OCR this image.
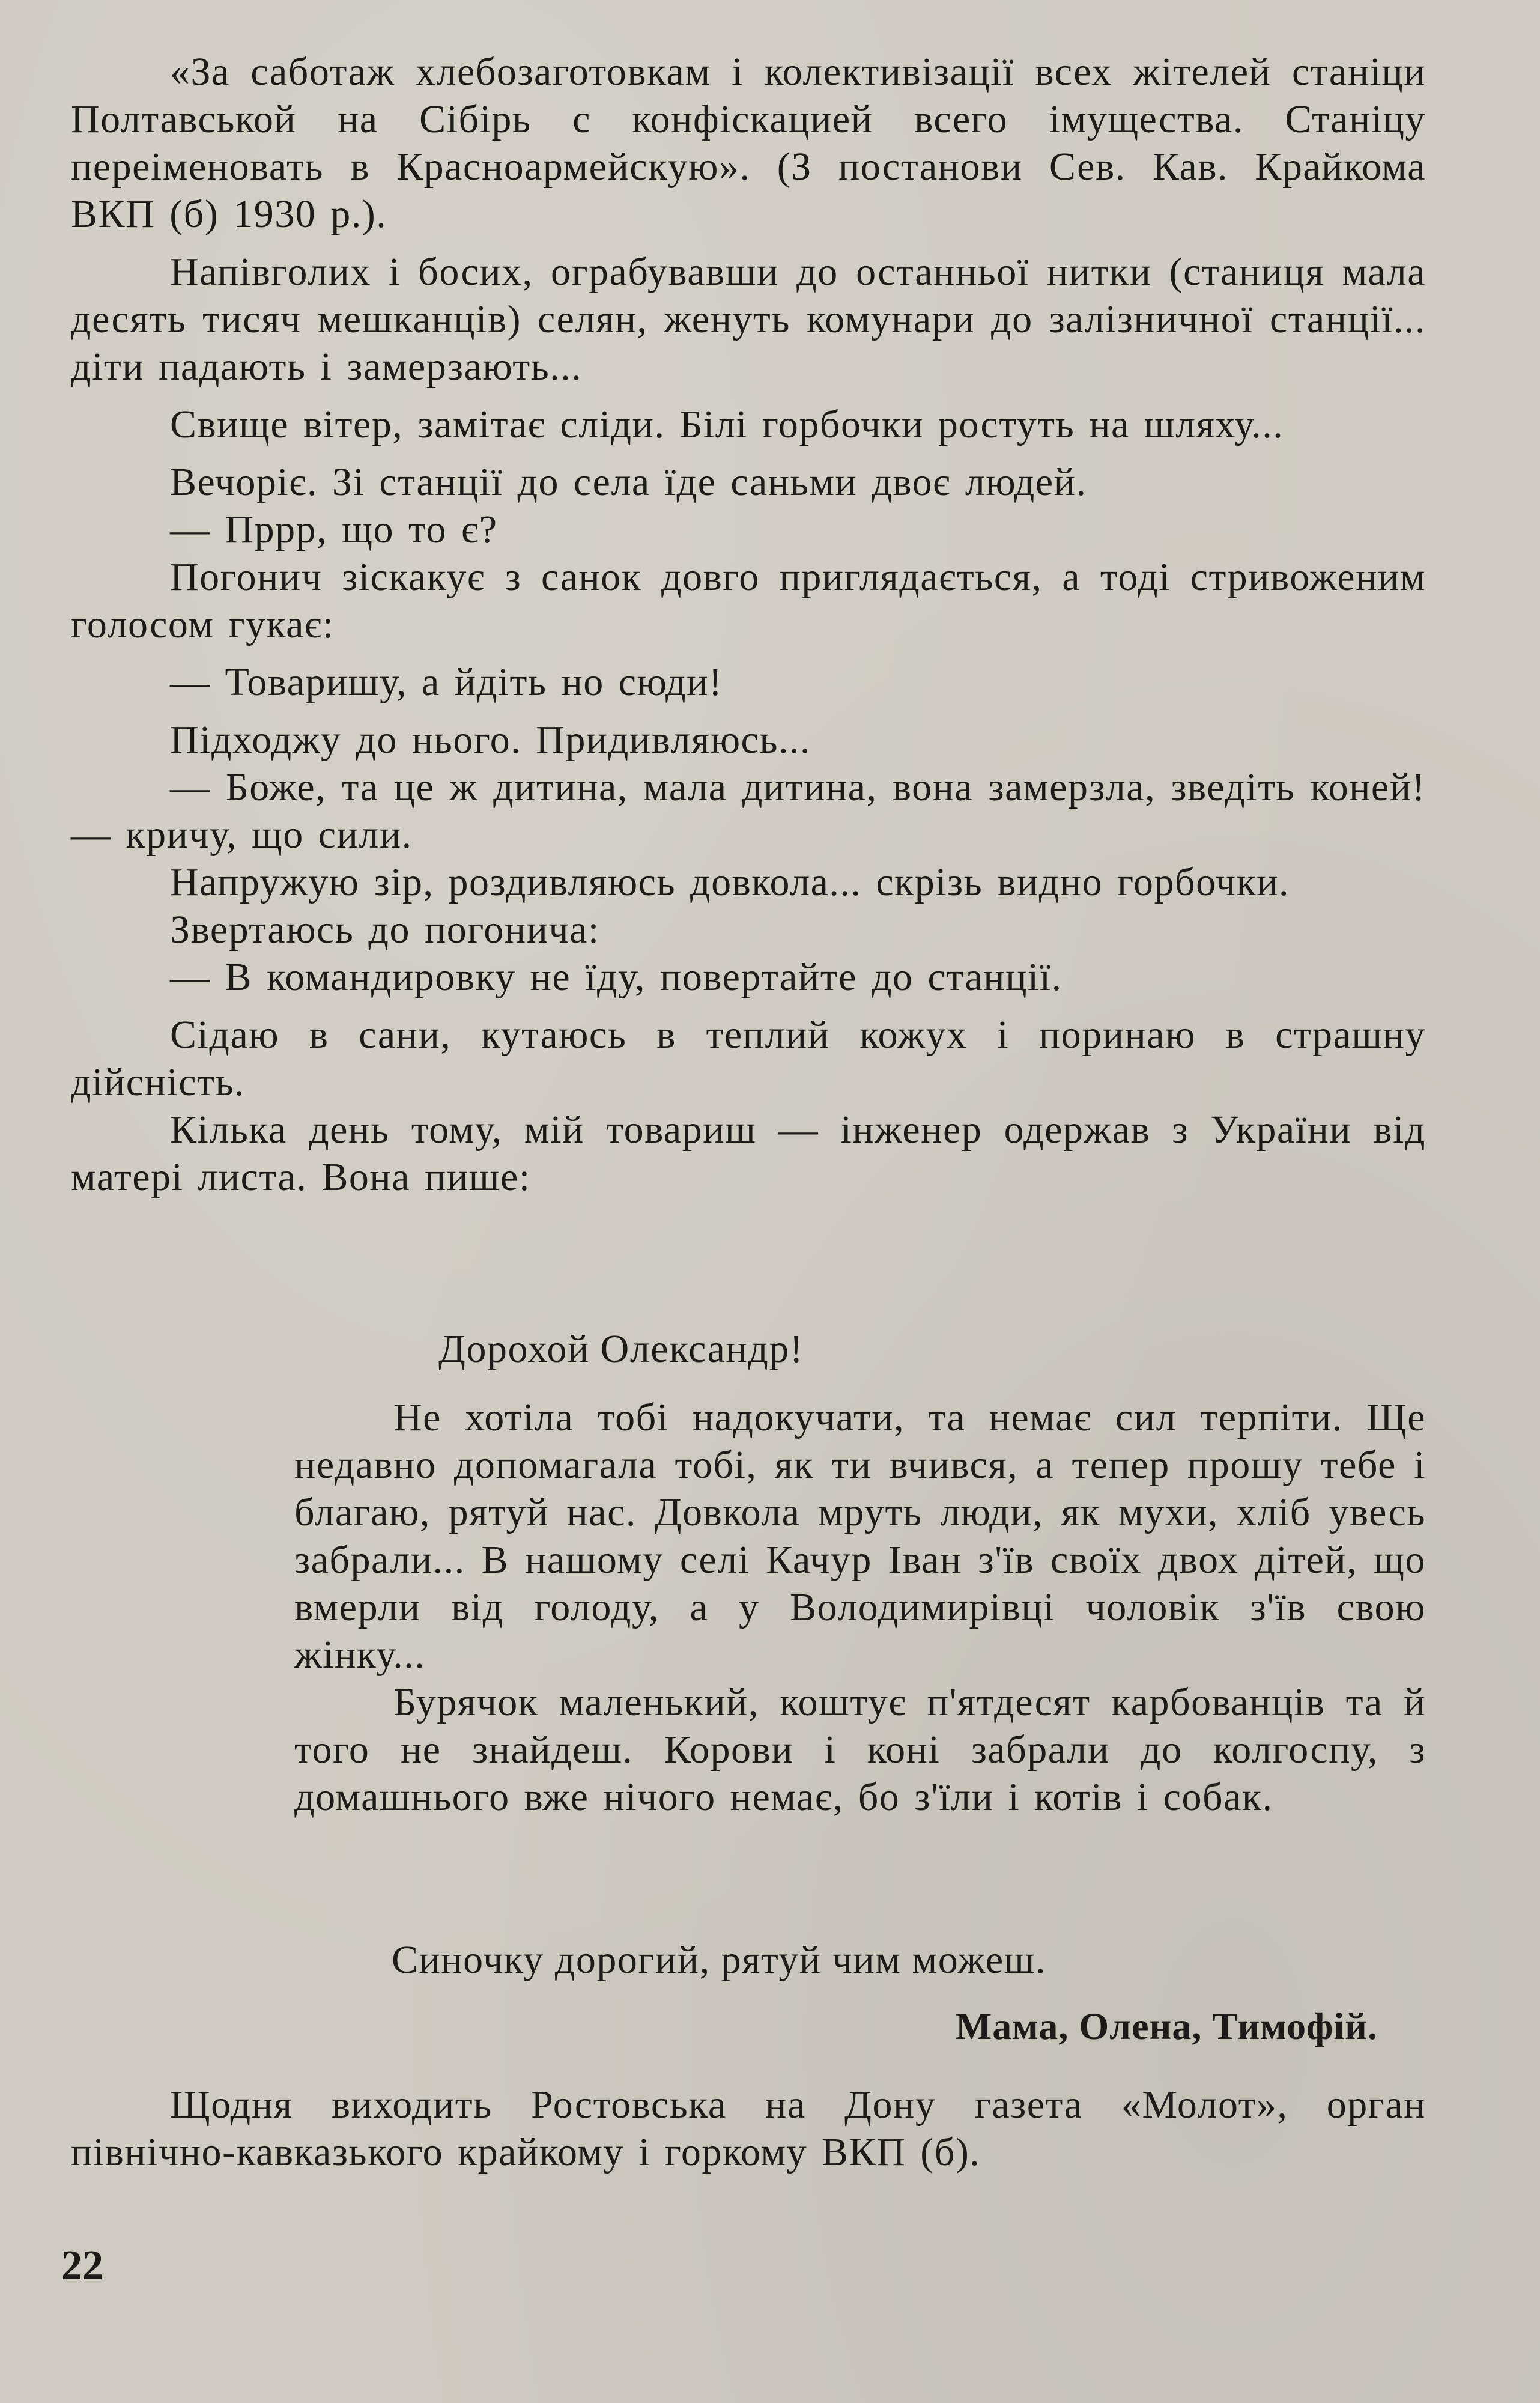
«За саботаж хлебозаготовкам і колективізації всех жітелей станіци Полтавськой на Сібірь с конфіскацией всего імущества. Станіцу переіменовать в Красноармейскую». (З постанови Сев. Кав. Крайкома ВКП (б) 1930 р.).

Напівголих і босих, ограбувавши до останньої нитки (станиця мала десять тисяч мешканців) селян, женуть комунари до залізничної станції... діти падають і замерзають...

Свище вітер, замітає сліди. Білі горбочки ростуть на шляху...

Вечоріє. Зі станції до села їде саньми двоє людей.

— Пррр, що то є?

Погонич зіскакує з санок довго приглядається, а тоді стривоженим голосом гукає:

— Товаришу, а йдіть но сюди!

Підходжу до нього. Придивляюсь...

— Боже, та це ж дитина, мала дитина, вона замерзла, зведіть коней! — кричу, що сили.

Напружую зір, роздивляюсь довкола... скрізь видно горбочки.

Звертаюсь до погонича:

— В командировку не їду, повертайте до станції.

Сідаю в сани, кутаюсь в теплий кожух і поринаю в страшну дійсність.

Кілька день тому, мій товариш — інженер одержав з України від матері листа. Вона пише:

Дорохой Олександр!

Не хотіла тобі надокучати, та немає сил терпіти. Ще недавно допомагала тобі, як ти вчився, а тепер прошу тебе і благаю, рятуй нас. Довкола мруть люди, як мухи, хліб увесь забрали... В нашому селі Качур Іван з'їв своїх двох дітей, що вмерли від голоду, а у Володимирівці чоловік з'їв свою жінку...

Бурячок маленький, коштує п'ятдесят карбованців та й того не знайдеш. Корови і коні забрали до колгоспу, з домашнього вже нічого немає, бо з'їли і котів і собак.

Синочку дорогий, рятуй чим можеш.

Мама, Олена, Тимофій.

Щодня виходить Ростовська на Дону газета «Молот», орган північно-кавказького крайкому і горкому ВКП (б).

22
